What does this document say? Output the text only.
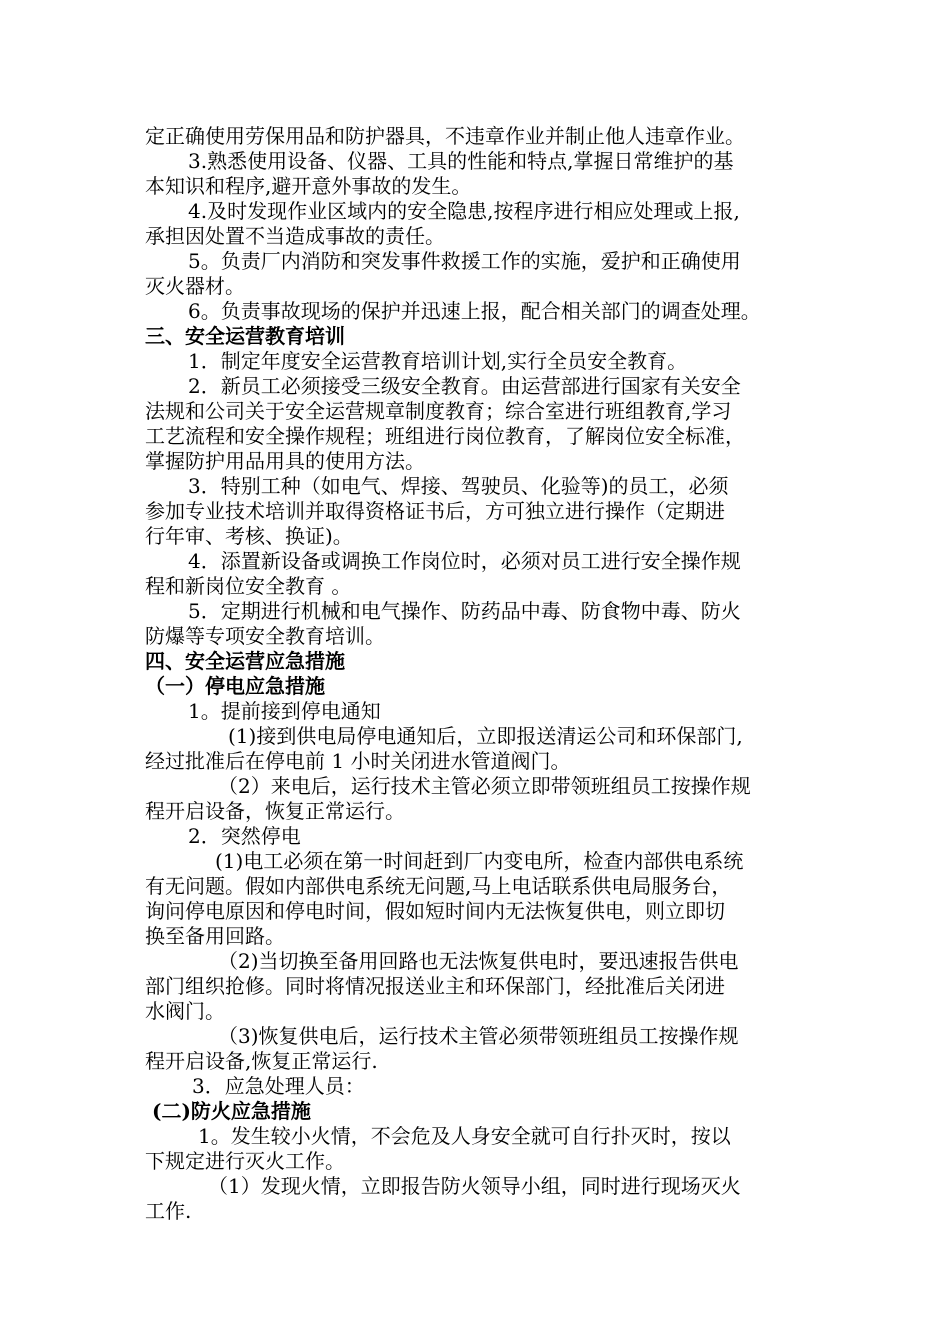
定正确使用劳保用品和防护器具，不违章作业并制止他人违章作业。

3.熟悉使用设备、仪器、工具的性能和特点,掌握日常维护的基

本知识和程序,避开意外事故的发生。

4.及时发现作业区域内的安全隐患,按程序进行相应处理或上报,

承担因处置不当造成事故的责任。

5。负责厂内消防和突发事件救援工作的实施，爱护和正确使用

灭火器材。

6。负责事故现场的保护并迅速上报，配合相关部门的调查处理。

三、安全运营教育培训

1．制定年度安全运营教育培训计划,实行全员安全教育。

2．新员工必须接受三级安全教育。由运营部进行国家有关安全

法规和公司关于安全运营规章制度教育；综合室进行班组教育,学习

工艺流程和安全操作规程；班组进行岗位教育，了解岗位安全标准，

掌握防护用品用具的使用方法。

3．特别工种（如电气、焊接、驾驶员、化验等)的员工，必须

参加专业技术培训并取得资格证书后，方可独立进行操作（定期进

行年审、考核、换证)。

4．添置新设备或调换工作岗位时，必须对员工进行安全操作规

程和新岗位安全教育 。

5．定期进行机械和电气操作、防药品中毒、防食物中毒、防火

防爆等专项安全教育培训。

四、安全运营应急措施

（一）停电应急措施

1。提前接到停电通知

(1)接到供电局停电通知后，立即报送清运公司和环保部门,

经过批准后在停电前 1 小时关闭进水管道阀门。

（2）来电后，运行技术主管必须立即带领班组员工按操作规

程开启设备，恢复正常运行。

2．突然停电

(1)电工必须在第一时间赶到厂内变电所，检查内部供电系统

有无问题。假如内部供电系统无问题,马上电话联系供电局服务台，

询问停电原因和停电时间，假如短时间内无法恢复供电，则立即切

换至备用回路。

（2)当切换至备用回路也无法恢复供电时，要迅速报告供电

部门组织抢修。同时将情况报送业主和环保部门，经批准后关闭进

水阀门。

（3)恢复供电后，运行技术主管必须带领班组员工按操作规

程开启设备,恢复正常运行.

3．应急处理人员：

(二)防火应急措施

1。发生较小火情，不会危及人身安全就可自行扑灭时，按以

下规定进行灭火工作。

（1）发现火情，立即报告防火领导小组，同时进行现场灭火

工作.
